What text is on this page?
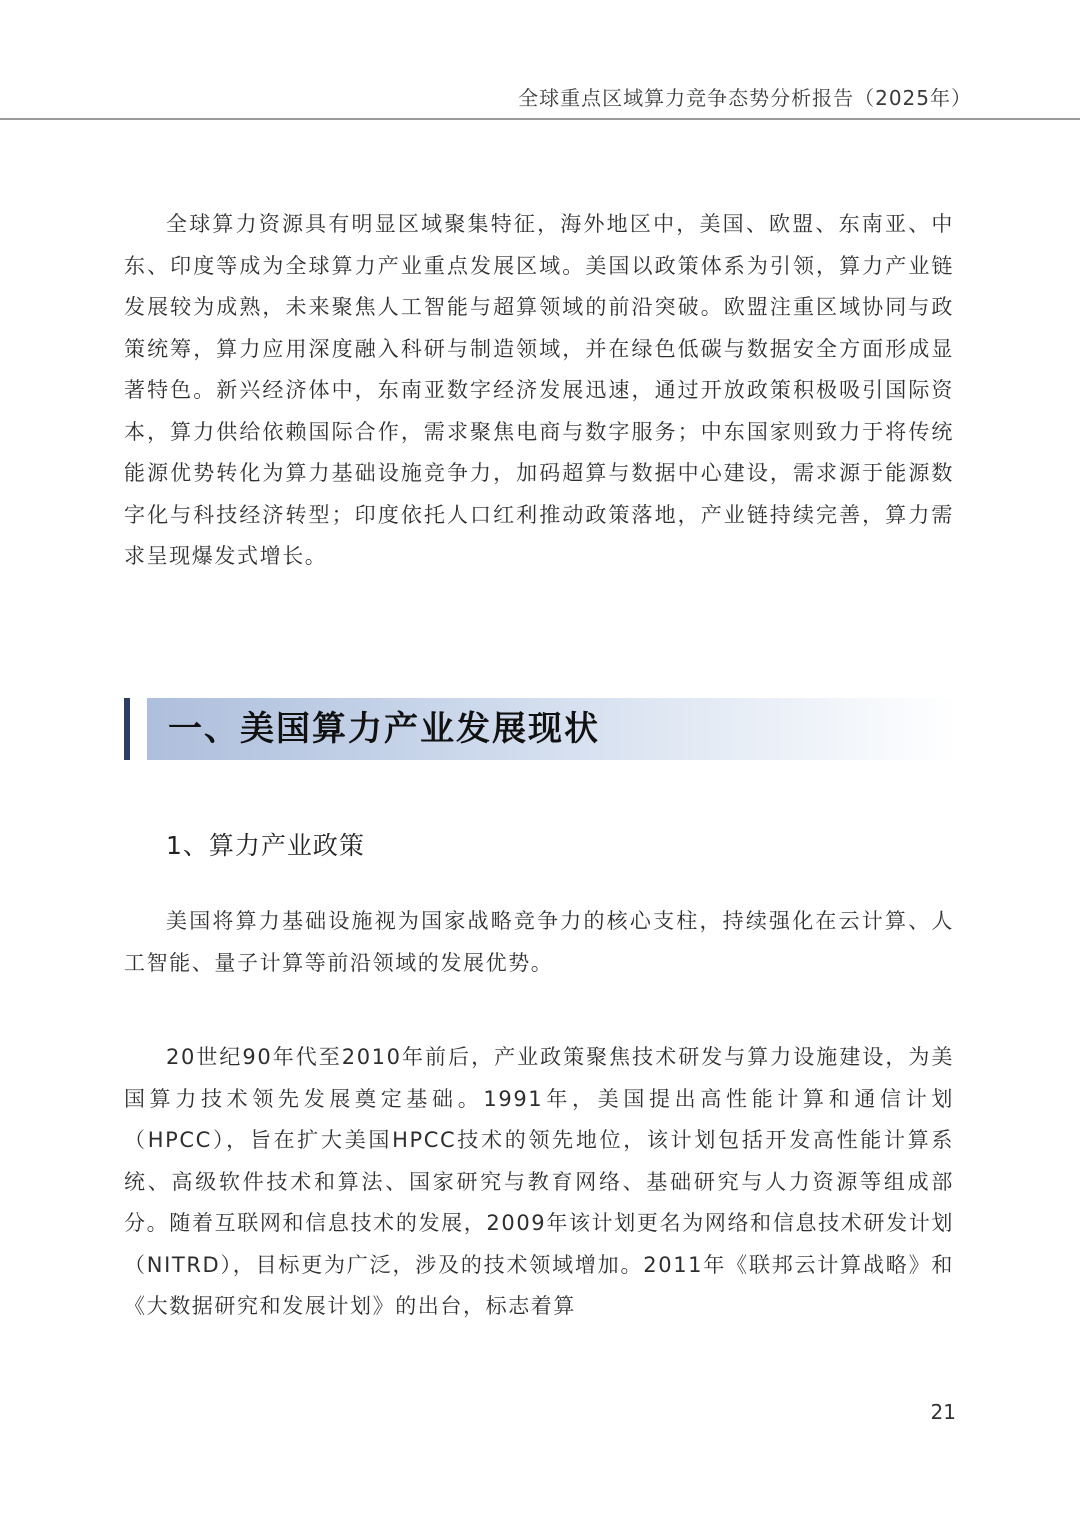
全球重点区域算力竞争态势分析报告（2025年）

全球算力资源具有明显区域聚集特征，海外地区中，美国、欧盟、东南亚、中东、印度等成为全球算力产业重点发展区域。美国以政策体系为引领，算力产业链发展较为成熟，未来聚焦人工智能与超算领域的前沿突破。欧盟注重区域协同与政策统筹，算力应用深度融入科研与制造领域，并在绿色低碳与数据安全方面形成显著特色。新兴经济体中，东南亚数字经济发展迅速，通过开放政策积极吸引国际资本，算力供给依赖国际合作，需求聚焦电商与数字服务；中东国家则致力于将传统能源优势转化为算力基础设施竞争力，加码超算与数据中心建设，需求源于能源数字化与科技经济转型；印度依托人口红利推动政策落地，产业链持续完善，算力需求呈现爆发式增长。

一、美国算力产业发展现状
1、算力产业政策

美国将算力基础设施视为国家战略竞争力的核心支柱，持续强化在云计算、人工智能、量子计算等前沿领域的发展优势。

20世纪90年代至2010年前后，产业政策聚焦技术研发与算力设施建设，为美国算力技术领先发展奠定基础。1991年，美国提出高性能计算和通信计划（HPCC），旨在扩大美国HPCC技术的领先地位，该计划包括开发高性能计算系统、高级软件技术和算法、国家研究与教育网络、基础研究与人力资源等组成部分。随着互联网和信息技术的发展，2009年该计划更名为网络和信息技术研发计划（NITRD），目标更为广泛，涉及的技术领域增加。2011年《联邦云计算战略》和《大数据研究和发展计划》的出台，标志着算

21
